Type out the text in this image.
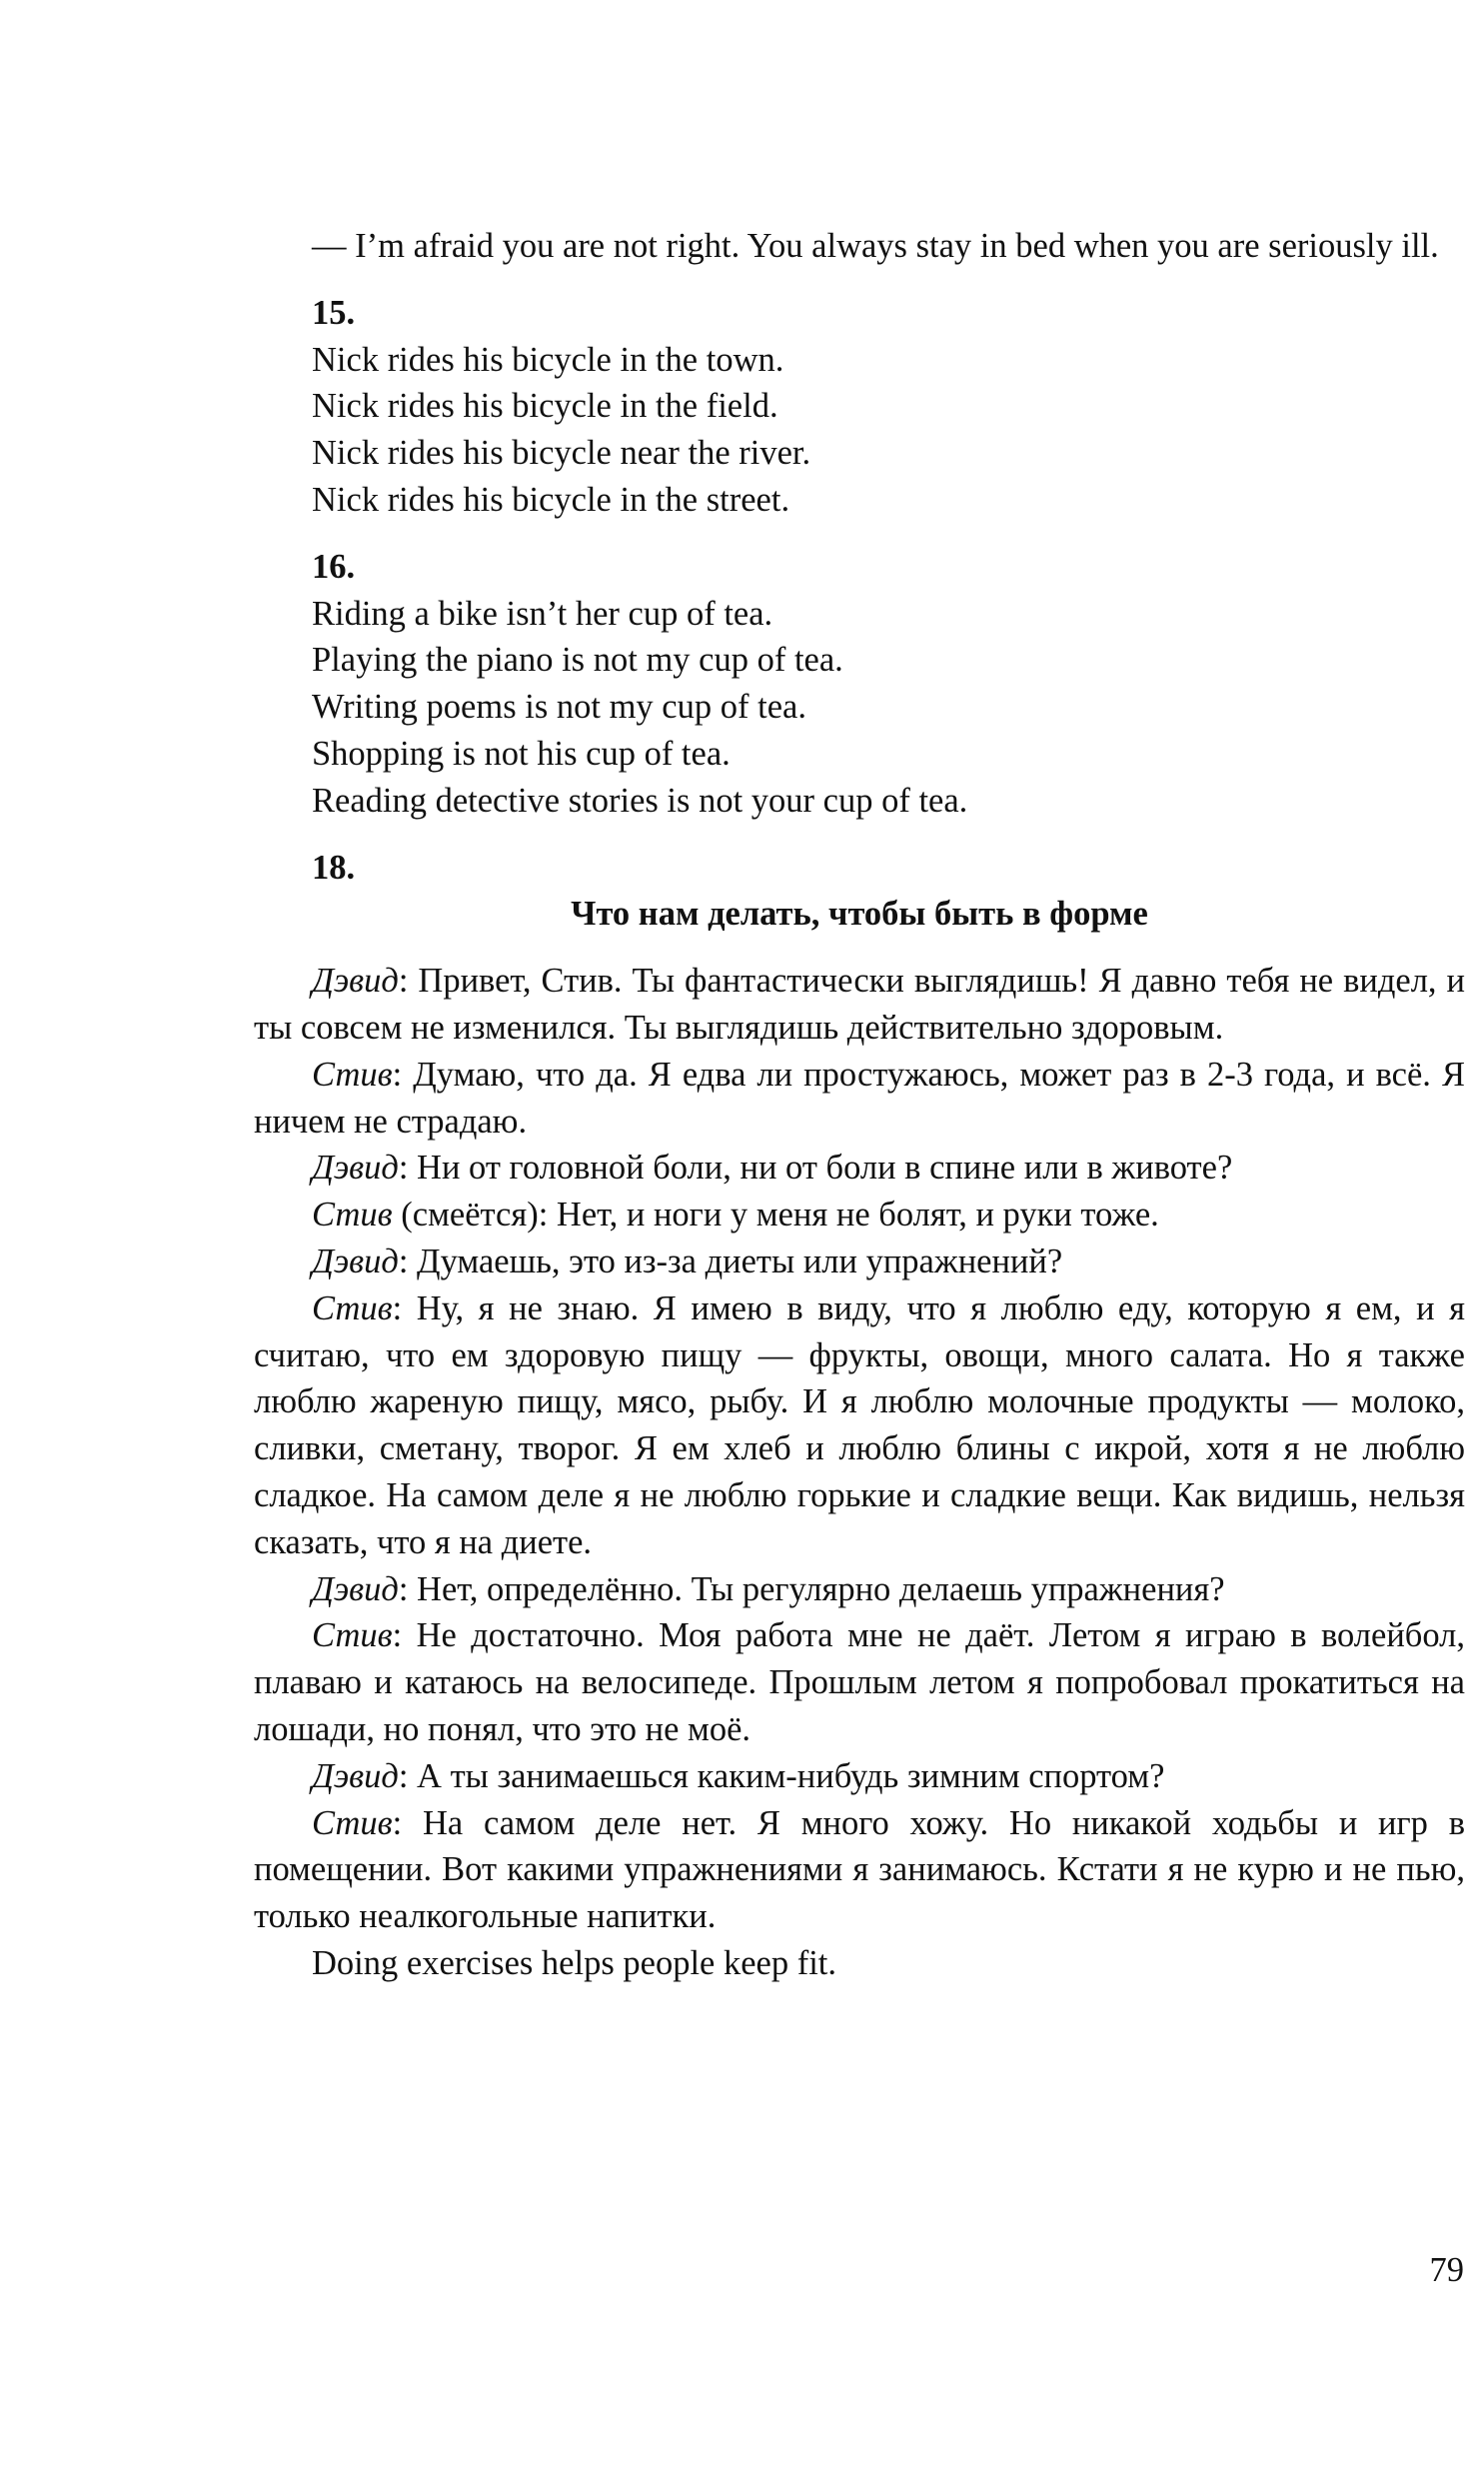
— I’m afraid you are not right. You always stay in bed when you are seriously ill.
15.
Nick rides his bicycle in the town.
Nick rides his bicycle in the field.
Nick rides his bicycle near the river.
Nick rides his bicycle in the street.
16.
Riding a bike isn’t her cup of tea.
Playing the piano is not my cup of tea.
Writing poems is not my cup of tea.
Shopping is not his cup of tea.
Reading detective stories is not your cup of tea.
18.
Что нам делать, чтобы быть в форме

Дэвид: Привет, Стив. Ты фантастически выглядишь! Я давно тебя не видел, и ты совсем не изменился. Ты выглядишь действительно здоровым.

Стив: Думаю, что да. Я едва ли простужаюсь, может раз в 2-3 года, и всё. Я ничем не страдаю.

Дэвид: Ни от головной боли, ни от боли в спине или в животе?

Стив (смеётся): Нет, и ноги у меня не болят, и руки тоже.

Дэвид: Думаешь, это из-за диеты или упражнений?

Стив: Ну, я не знаю. Я имею в виду, что я люблю еду, которую я ем, и я считаю, что ем здоровую пищу — фрукты, овощи, много салата. Но я также люблю жареную пищу, мясо, рыбу. И я люблю молочные продукты — молоко, сливки, сметану, творог. Я ем хлеб и люблю блины с икрой, хотя я не люблю сладкое. На самом деле я не люблю горькие и сладкие вещи. Как видишь, нельзя сказать, что я на диете.

Дэвид: Нет, определённо. Ты регулярно делаешь упражнения?

Стив: Не достаточно. Моя работа мне не даёт. Летом я играю в волейбол, плаваю и катаюсь на велосипеде. Прошлым летом я попробовал прокатиться на лошади, но понял, что это не моё.

Дэвид: А ты занимаешься каким-нибудь зимним спортом?

Стив: На самом деле нет. Я много хожу. Но никакой ходьбы и игр в помещении. Вот какими упражнениями я занимаюсь. Кстати я не курю и не пью, только неалкогольные напитки.

Doing exercises helps people keep fit.

79
